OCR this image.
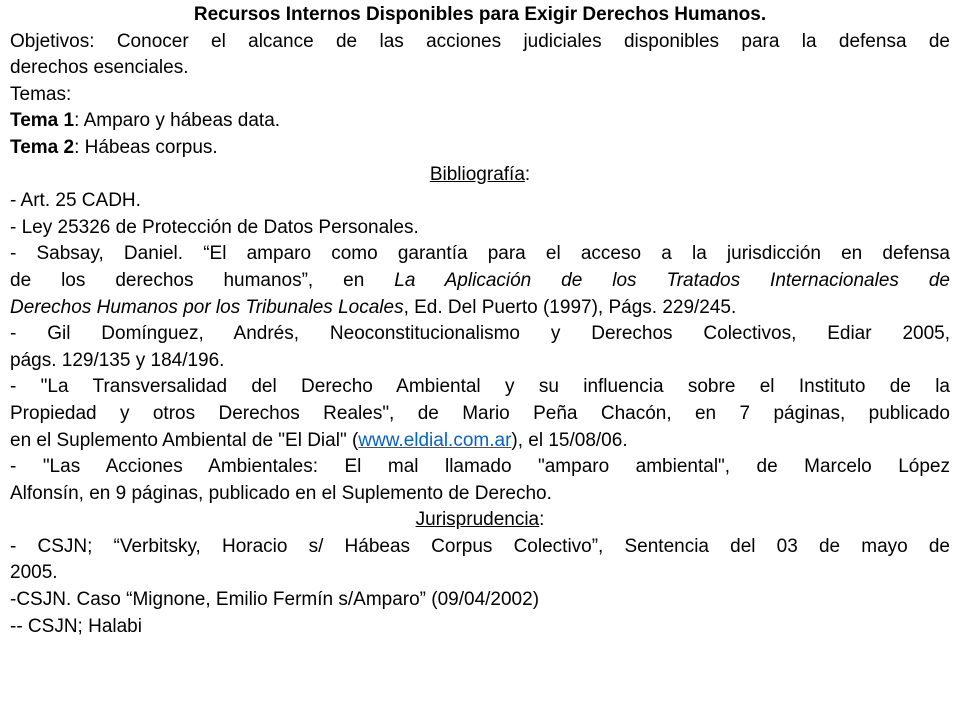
Recursos Internos Disponibles para Exigir Derechos Humanos.
Objetivos: Conocer el alcance de las acciones judiciales disponibles para la defensa de
derechos esenciales.
Temas:
Tema 1: Amparo y hábeas data.
Tema 2: Hábeas corpus.
Bibliografía:
- Art. 25 CADH.
- Ley 25326 de Protección de Datos Personales.
- Sabsay, Daniel. “El amparo como garantía para el acceso a la jurisdicción en defensa
de los derechos humanos”, en La Aplicación de los Tratados Internacionales de
Derechos Humanos por los Tribunales Locales, Ed. Del Puerto (1997), Págs. 229/245.
- Gil Domínguez, Andrés, Neoconstitucionalismo y Derechos Colectivos, Ediar 2005,
págs. 129/135 y 184/196.
- "La Transversalidad del Derecho Ambiental y su influencia sobre el Instituto de la
Propiedad y otros Derechos Reales", de Mario Peña Chacón, en 7 páginas, publicado
en el Suplemento Ambiental de "El Dial" (www.eldial.com.ar), el 15/08/06.
- "Las Acciones Ambientales: El mal llamado "amparo ambiental", de Marcelo López
Alfonsín, en 9 páginas, publicado en el Suplemento de Derecho.
Jurisprudencia:
- CSJN; “Verbitsky, Horacio s/ Hábeas Corpus Colectivo”, Sentencia del 03 de mayo de
2005.
-CSJN. Caso “Mignone, Emilio Fermín s/Amparo” (09/04/2002)
-- CSJN; Halabi
